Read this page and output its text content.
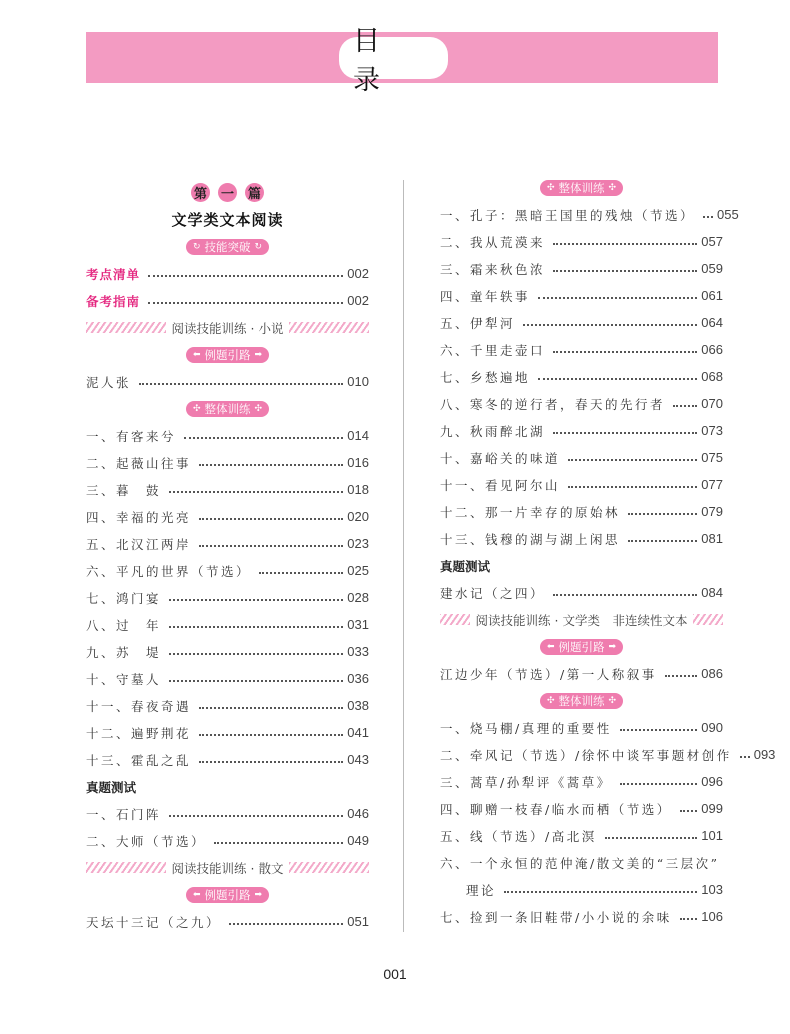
目 录
第 一 篇
文学类文本阅读
↻ 技能突破 ↻
考点清单	002
备考指南	002
阅读技能训练 · 小说
⬅ 例题引路 ➡
泥人张	010
✣ 整体训练 ✣
一、有客来兮	014
二、起薇山往事	016
三、暮　鼓	018
四、幸福的光亮	020
五、北汉江两岸	023
六、平凡的世界（节选）	025
七、鸿门宴	028
八、过　年	031
九、苏　堤	033
十、守墓人	036
十一、春夜奇遇	038
十二、遍野荆花	041
十三、霍乱之乱	043
真题测试
一、石门阵	046
二、大师（节选）	049
阅读技能训练 · 散文
⬅ 例题引路 ➡
天坛十三记（之九）	051
✣ 整体训练 ✣
一、孔子：黑暗王国里的残烛（节选） 055
二、我从荒漠来	057
三、霜来秋色浓	059
四、童年轶事	061
五、伊犁河	064
六、千里走壶口	066
七、乡愁遍地	068
八、寒冬的逆行者，春天的先行者	070
九、秋雨醉北湖	073
十、嘉峪关的味道	075
十一、看见阿尔山	077
十二、那一片幸存的原始林	079
十三、钱穆的湖与湖上闲思	081
真题测试
建水记（之四）	084
阅读技能训练 · 文学类　非连续性文本
⬅ 例题引路 ➡
江边少年（节选）/第一人称叙事	086
✣ 整体训练 ✣
一、烧马棚/真理的重要性	090
二、牵风记（节选）/徐怀中谈军事题材创作 093
三、蒿草/孙犁评《蒿草》	096
四、聊赠一枝春/临水而栖（节选） 099
五、线（节选）/高北溟	101
六、一个永恒的范仲淹/散文美的“三层次”
理论	103
七、捡到一条旧鞋带/小小说的余味 106
001
